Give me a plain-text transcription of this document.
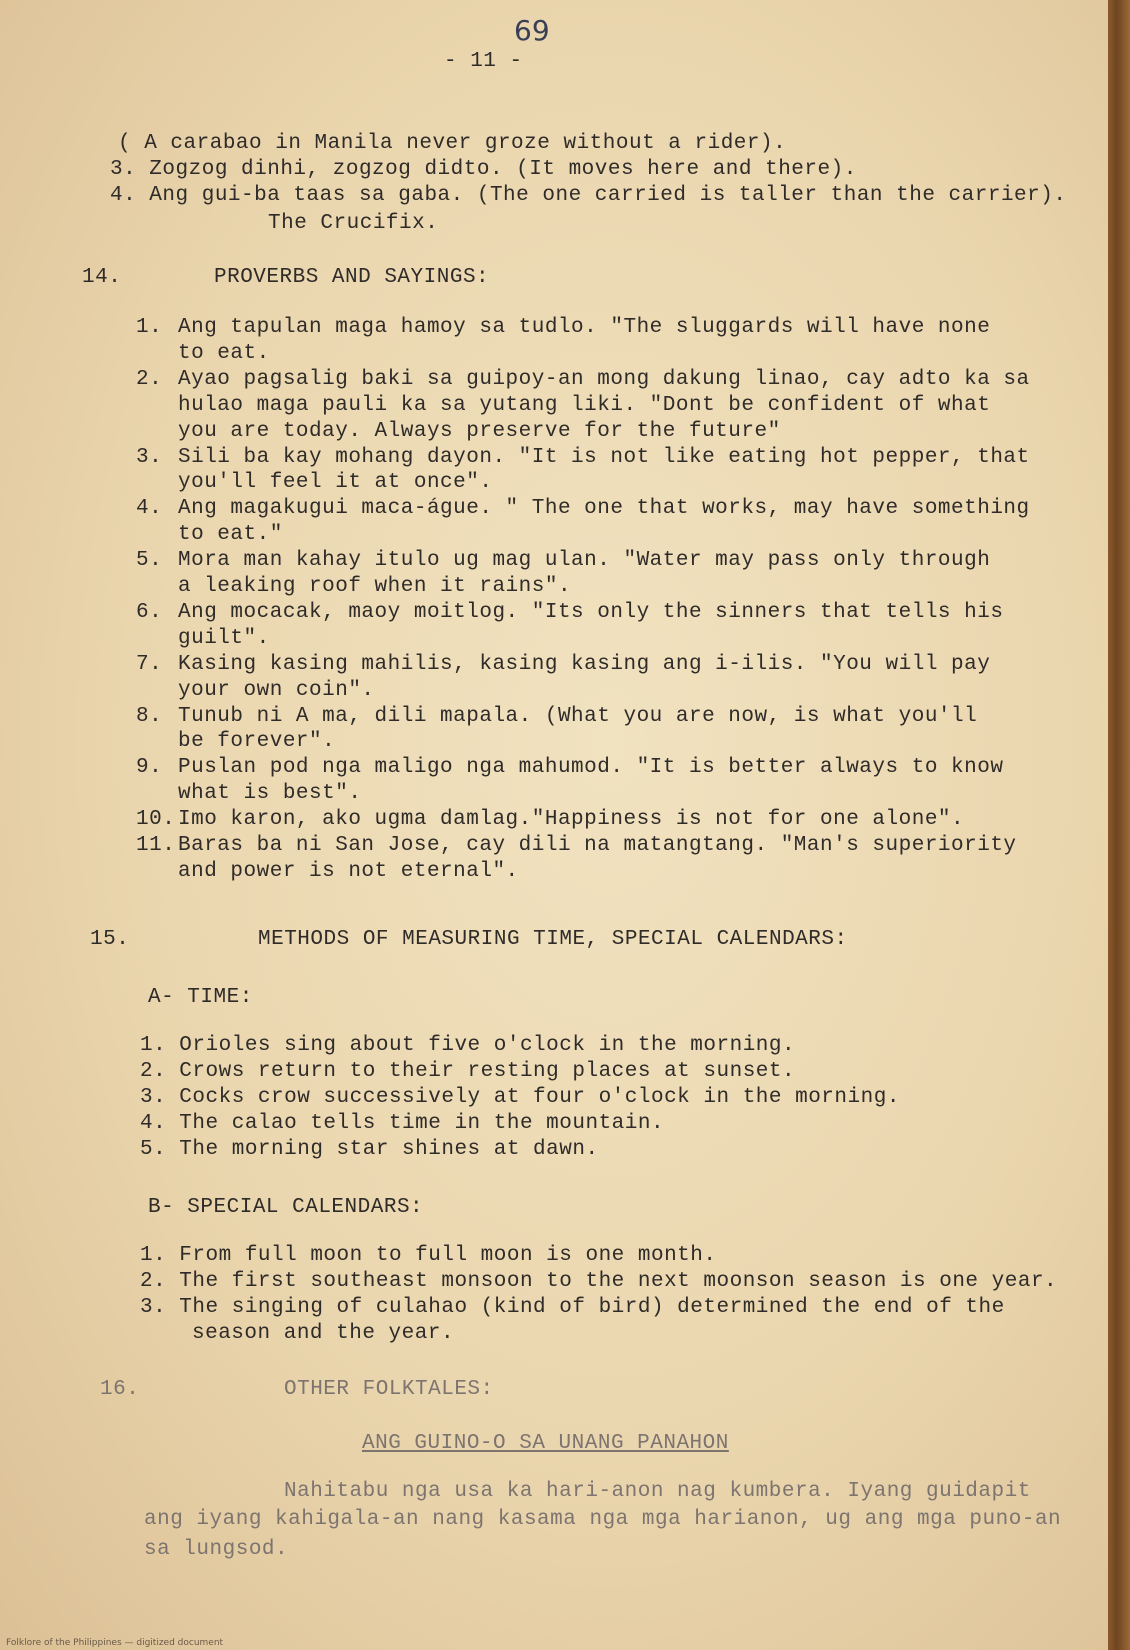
69
- 11 -
( A carabao in Manila never groze without a rider).
3. Zogzog dinhi, zogzog didto. (It moves here and there).
4. Ang gui-ba taas sa gaba. (The one carried is taller than the carrier).
The Crucifix.
14.	PROVERBS AND SAYINGS:
1. Ang tapulan maga hamoy sa tudlo. "The sluggards will have none
to eat.
2. Ayao pagsalig baki sa guipoy-an mong dakung linao, cay adto ka sa
hulao maga pauli ka sa yutang liki. "Dont be confident of what
you are today. Always preserve for the future"
3. Sili ba kay mohang dayon. "It is not like eating hot pepper, that
you'll feel it at once".
4. Ang magakugui maca-águe. " The one that works, may have something
to eat."
5. Mora man kahay itulo ug mag ulan. "Water may pass only through
a leaking roof when it rains".
6. Ang mocacak, maoy moitlog. "Its only the sinners that tells his
guilt".
7. Kasing kasing mahilis, kasing kasing ang i-ilis. "You will pay
your own coin".
8. Tunub ni A ma, dili mapala. (What you are now, is what you'll
be forever".
9. Puslan pod nga maligo nga mahumod. "It is better always to know
what is best".
10. Imo karon, ako ugma damlag."Happiness is not for one alone".
11. Baras ba ni San Jose, cay dili na matangtang. "Man's superiority
and power is not eternal".
15.	METHODS OF MEASURING TIME, SPECIAL CALENDARS:
A- TIME:
1. Orioles sing about five o'clock in the morning.
2. Crows return to their resting places at sunset.
3. Cocks crow successively at four o'clock in the morning.
4. The calao tells time in the mountain.
5. The morning star shines at dawn.
B- SPECIAL CALENDARS:
1. From full moon to full moon is one month.
2. The first southeast monsoon to the next moonson season is one year.
3. The singing of culahao (kind of bird) determined the end of the
season and the year.
16.	OTHER FOLKTALES:
ANG GUINO-O SA UNANG PANAHON
Nahitabu nga usa ka hari-anon nag kumbera. Iyang guidapit
ang iyang kahigala-an nang kasama nga mga harianon, ug ang mga puno-an
sa lungsod.
Folklore of the Philippines — digitized document
